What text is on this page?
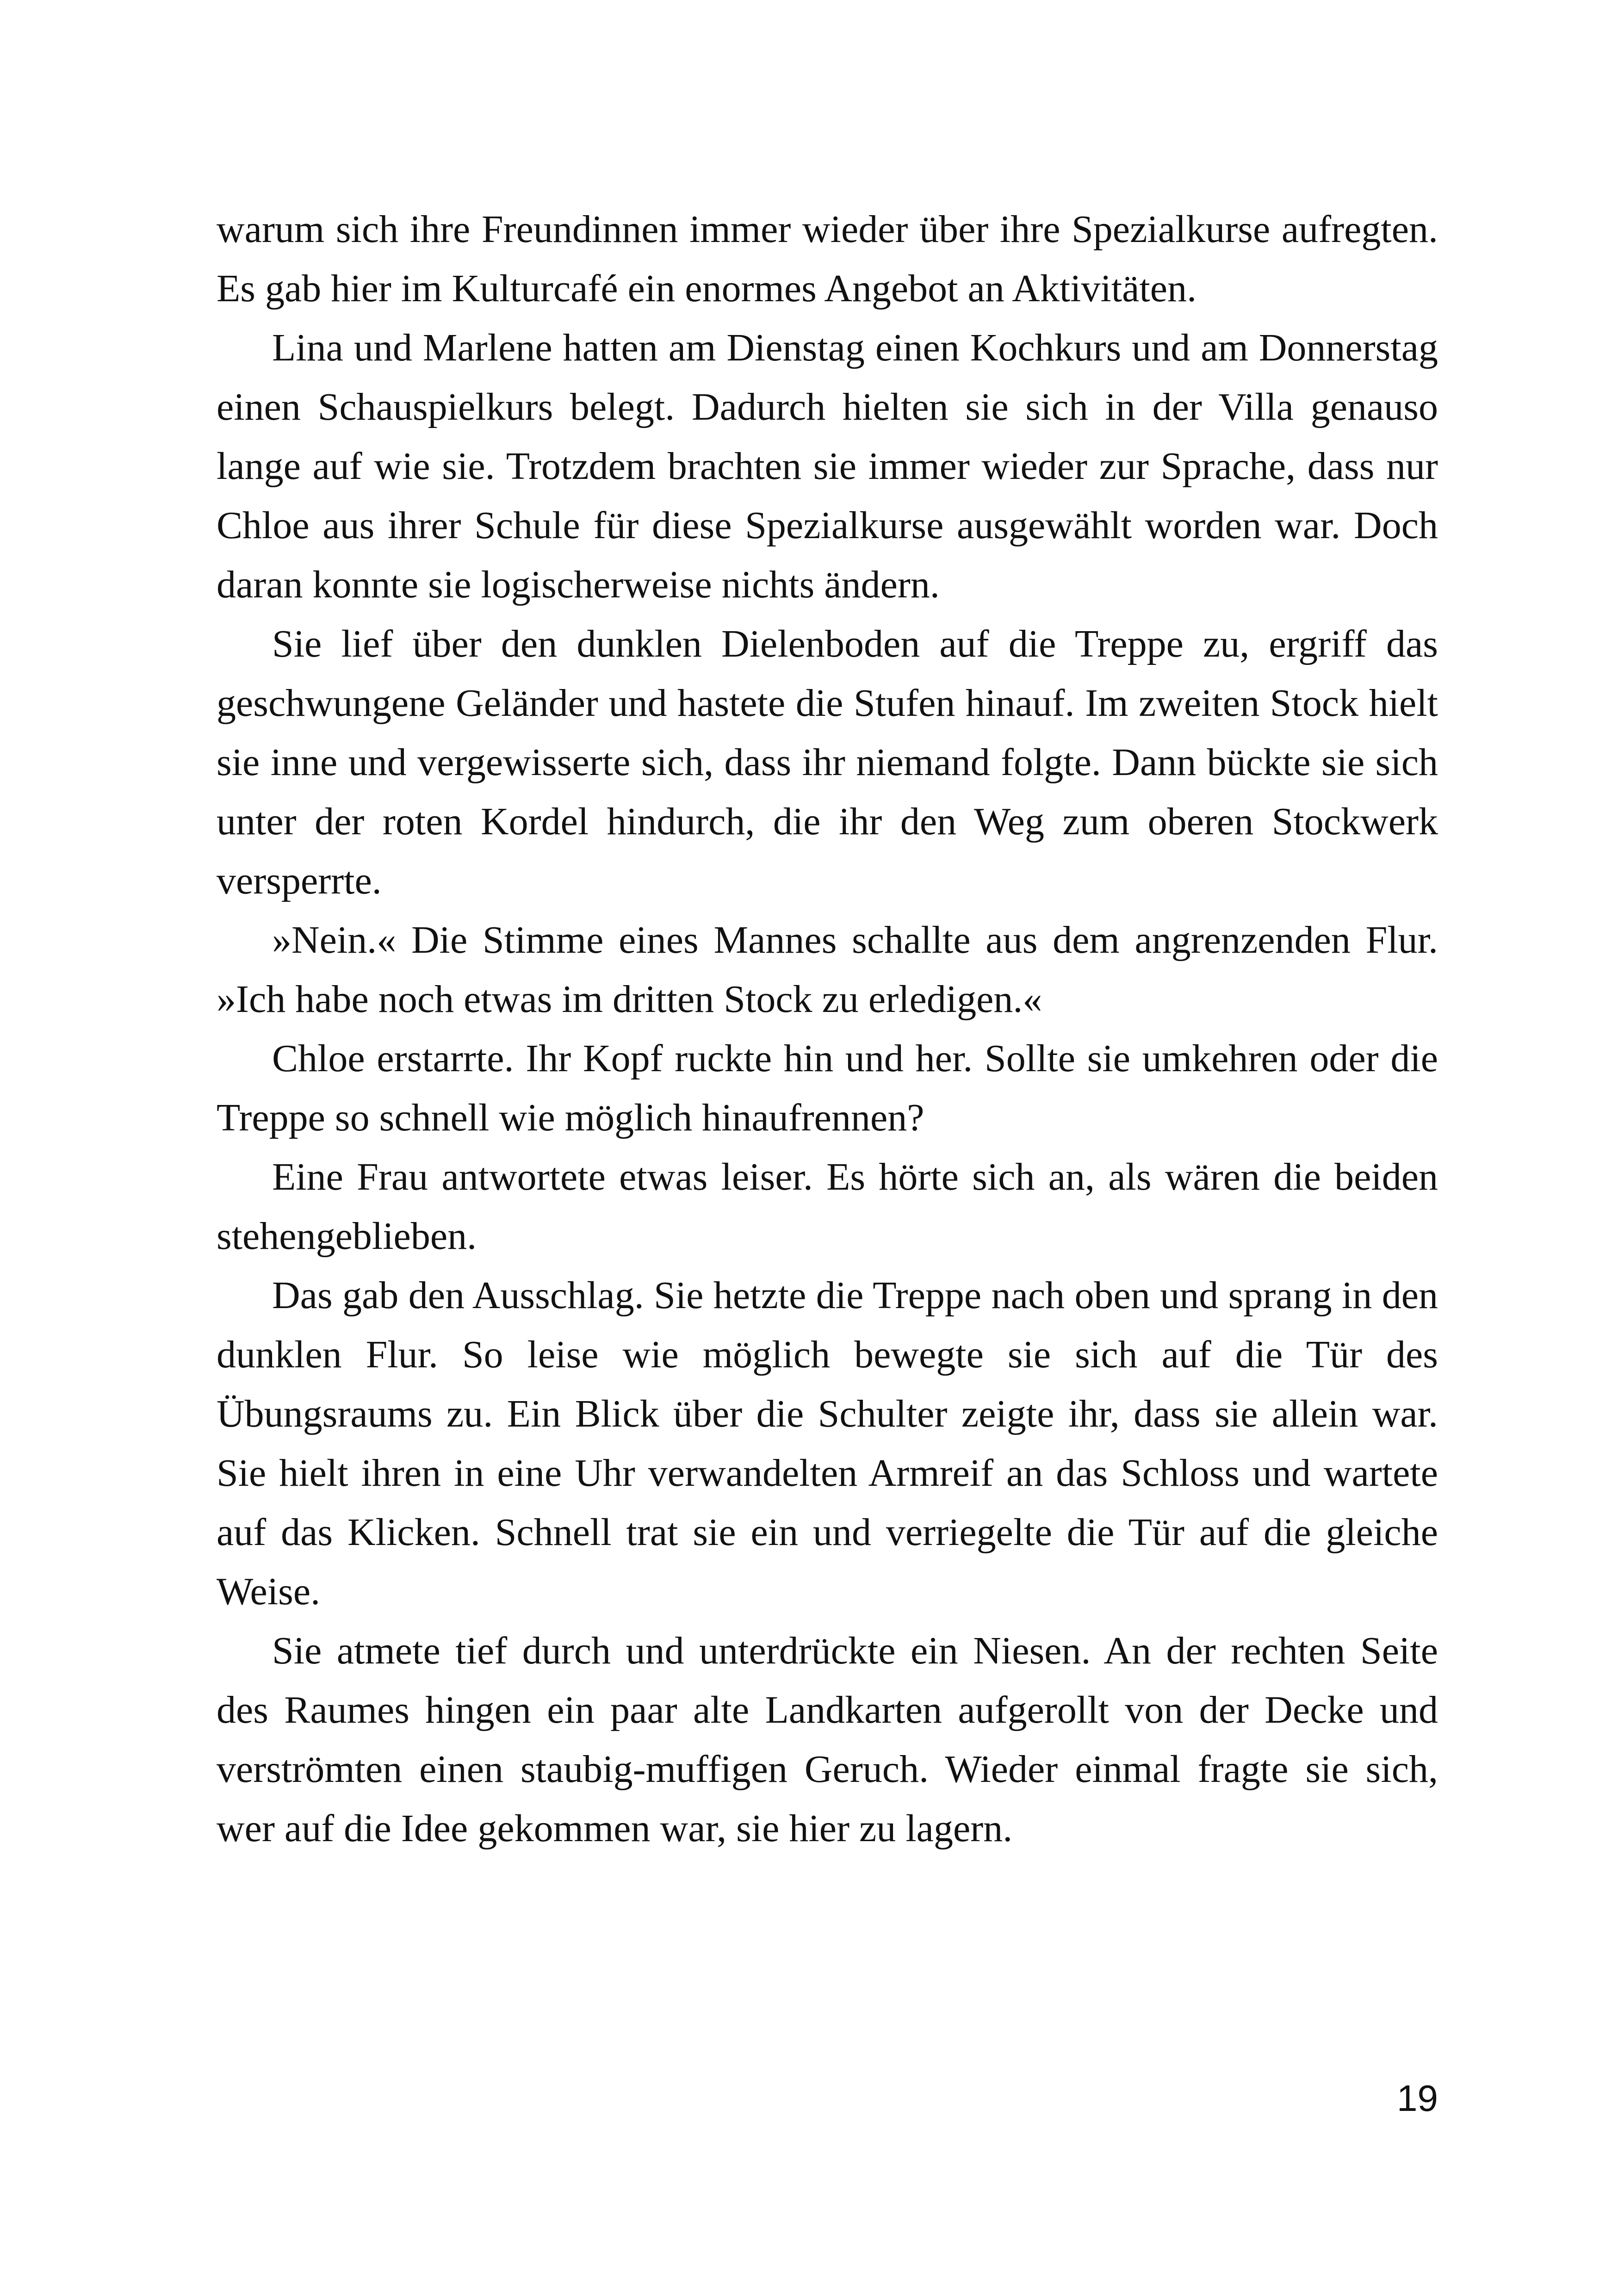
warum sich ihre Freundinnen immer wieder über ihre Spezialkurse aufregten. Es gab hier im Kulturcafé ein enormes Angebot an Aktivitäten.

Lina und Marlene hatten am Dienstag einen Kochkurs und am Donnerstag einen Schauspielkurs belegt. Dadurch hielten sie sich in der Villa genauso lange auf wie sie. Trotzdem brachten sie immer wieder zur Sprache, dass nur Chloe aus ihrer Schule für diese Spezialkurse ausgewählt worden war. Doch daran konnte sie logischerweise nichts ändern.

Sie lief über den dunklen Dielenboden auf die Treppe zu, ergriff das geschwungene Geländer und hastete die Stufen hinauf. Im zweiten Stock hielt sie inne und vergewisserte sich, dass ihr niemand folgte. Dann bückte sie sich unter der roten Kordel hindurch, die ihr den Weg zum oberen Stockwerk versperrte.

»Nein.« Die Stimme eines Mannes schallte aus dem angrenzenden Flur. »Ich habe noch etwas im dritten Stock zu erledigen.«

Chloe erstarrte. Ihr Kopf ruckte hin und her. Sollte sie umkehren oder die Treppe so schnell wie möglich hinaufrennen?

Eine Frau antwortete etwas leiser. Es hörte sich an, als wären die beiden stehengeblieben.

Das gab den Ausschlag. Sie hetzte die Treppe nach oben und sprang in den dunklen Flur. So leise wie möglich bewegte sie sich auf die Tür des Übungsraums zu. Ein Blick über die Schulter zeigte ihr, dass sie allein war. Sie hielt ihren in eine Uhr verwandelten Armreif an das Schloss und wartete auf das Klicken. Schnell trat sie ein und verriegelte die Tür auf die gleiche Weise.

Sie atmete tief durch und unterdrückte ein Niesen. An der rechten Seite des Raumes hingen ein paar alte Landkarten aufgerollt von der Decke und verströmten einen staubig-muffigen Geruch. Wieder einmal fragte sie sich, wer auf die Idee gekommen war, sie hier zu lagern.

19
